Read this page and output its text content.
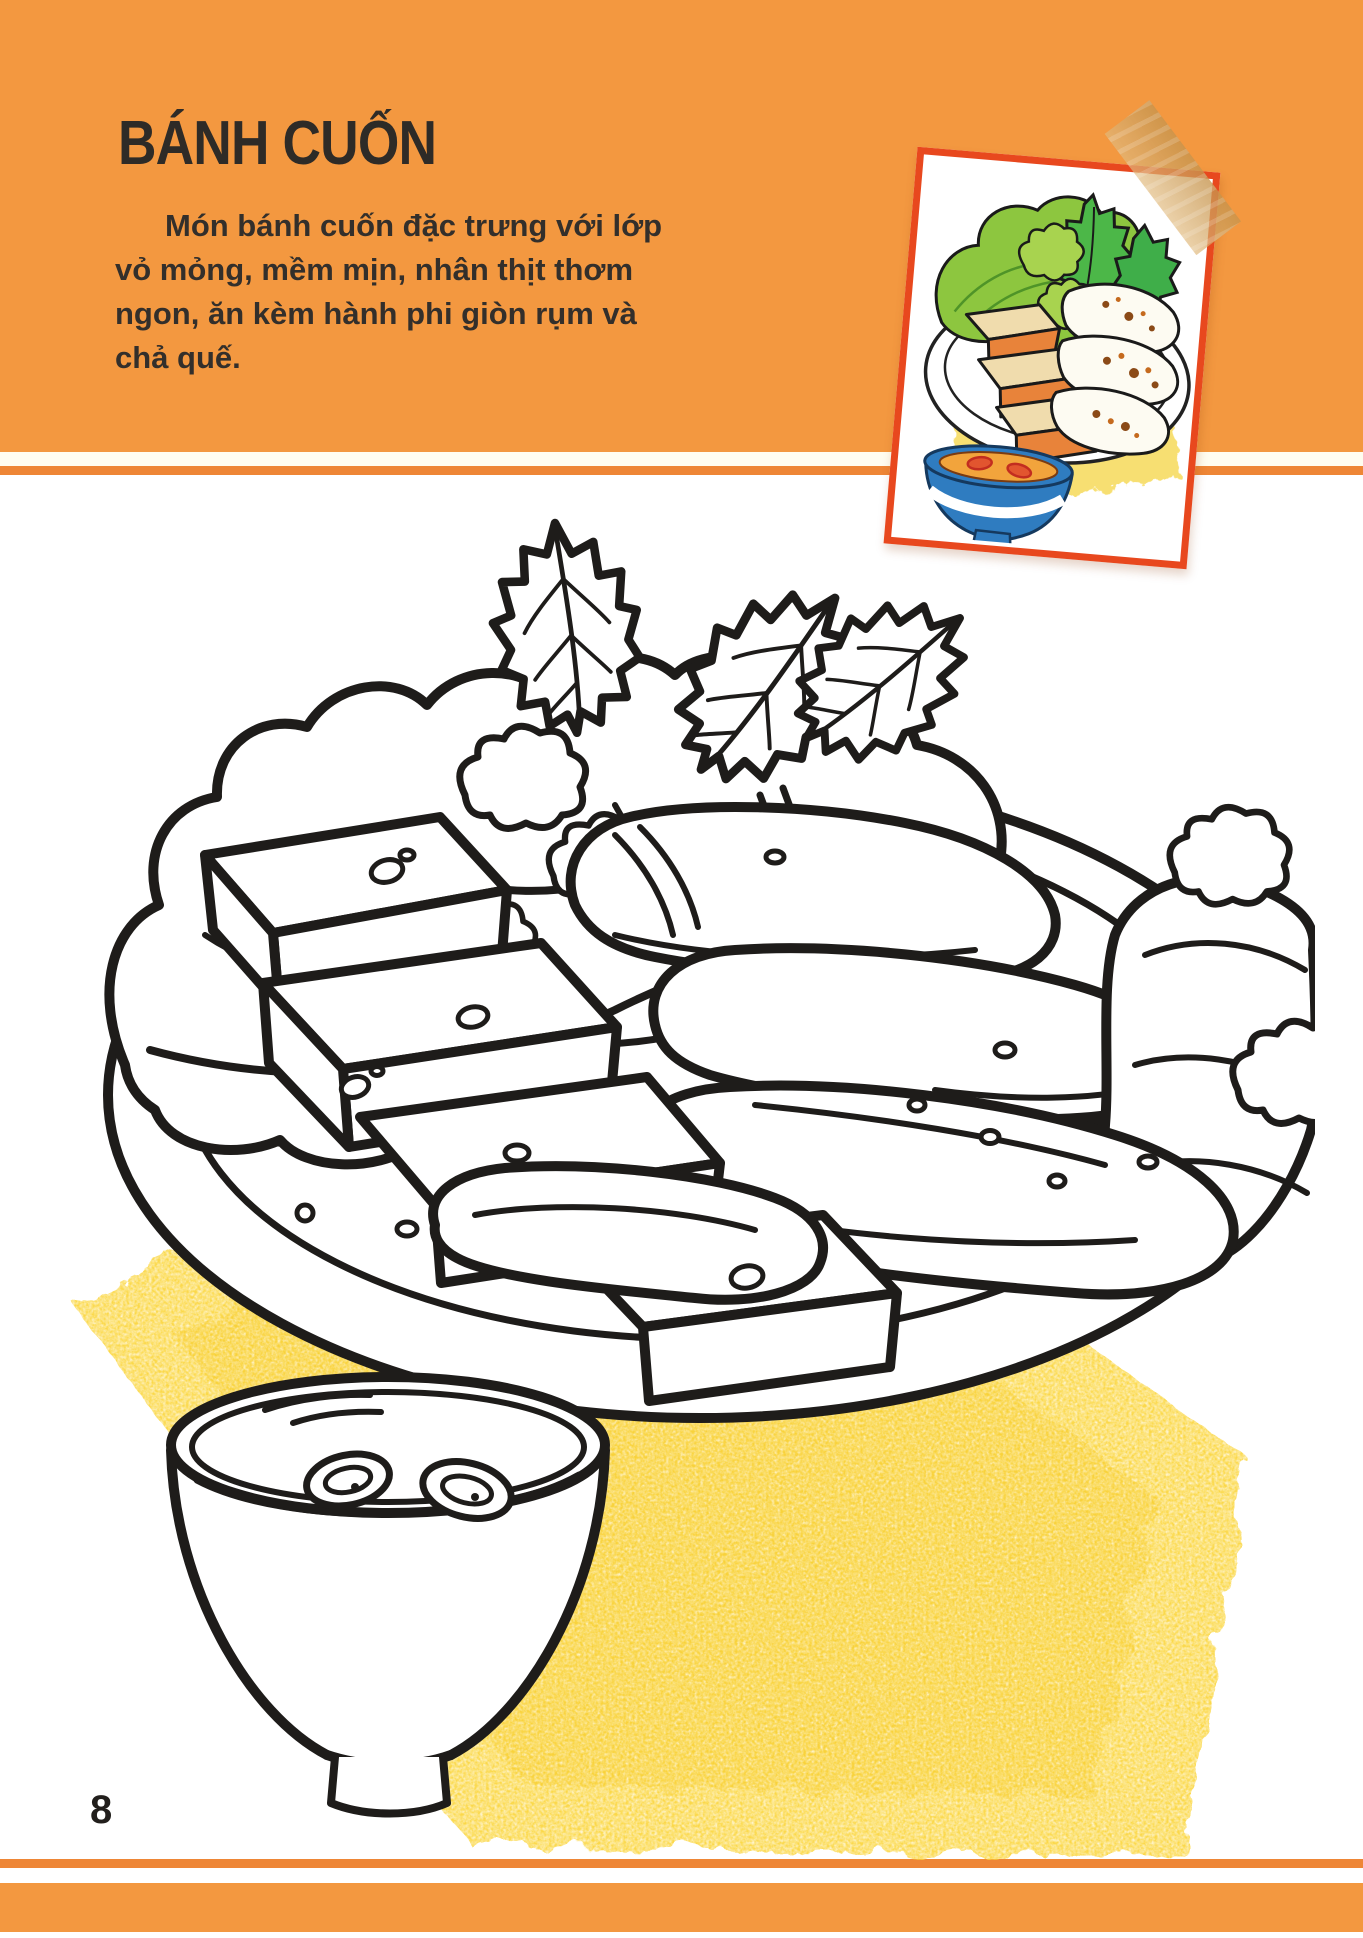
BÁNH CUỐN
Món bánh cuốn đặc trưng với lớp
vỏ mỏng, mềm mịn, nhân thịt thơm
ngon, ăn kèm hành phi giòn rụm và
chả quế.
8
